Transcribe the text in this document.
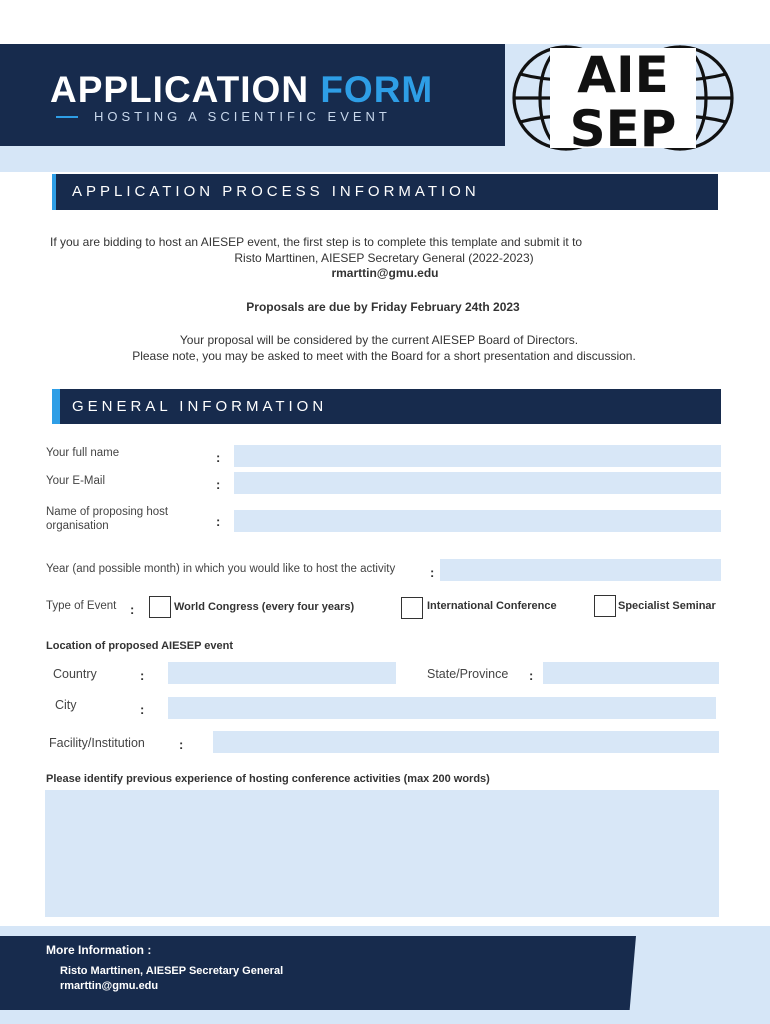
APPLICATION FORM
HOSTING A SCIENTIFIC EVENT
AIE
SEP
APPLICATION PROCESS INFORMATION
If you are bidding to host an AIESEP event, the first step is to complete this template and submit it to
Risto Marttinen, AIESEP Secretary General (2022-2023)
rmarttin@gmu.edu
Proposals are due by Friday February 24th 2023
Your proposal will be considered by the current AIESEP Board of Directors.
Please note, you may be asked to meet with the Board for a short presentation and discussion.
GENERAL INFORMATION
Your full name	:
Your E-Mail	:
Name of proposing host
organisation	:
Year (and possible month) in which you would like to host the activity	:
Type of Event :	World Congress (every four years)	International Conference	Specialist Seminar
Location of proposed AIESEP event
Country	:	State/Province :
City	:
Facility/Institution	:
Please identify previous experience of hosting conference activities (max 200 words)
More Information :
Risto Marttinen, AIESEP Secretary General
rmarttin@gmu.edu
